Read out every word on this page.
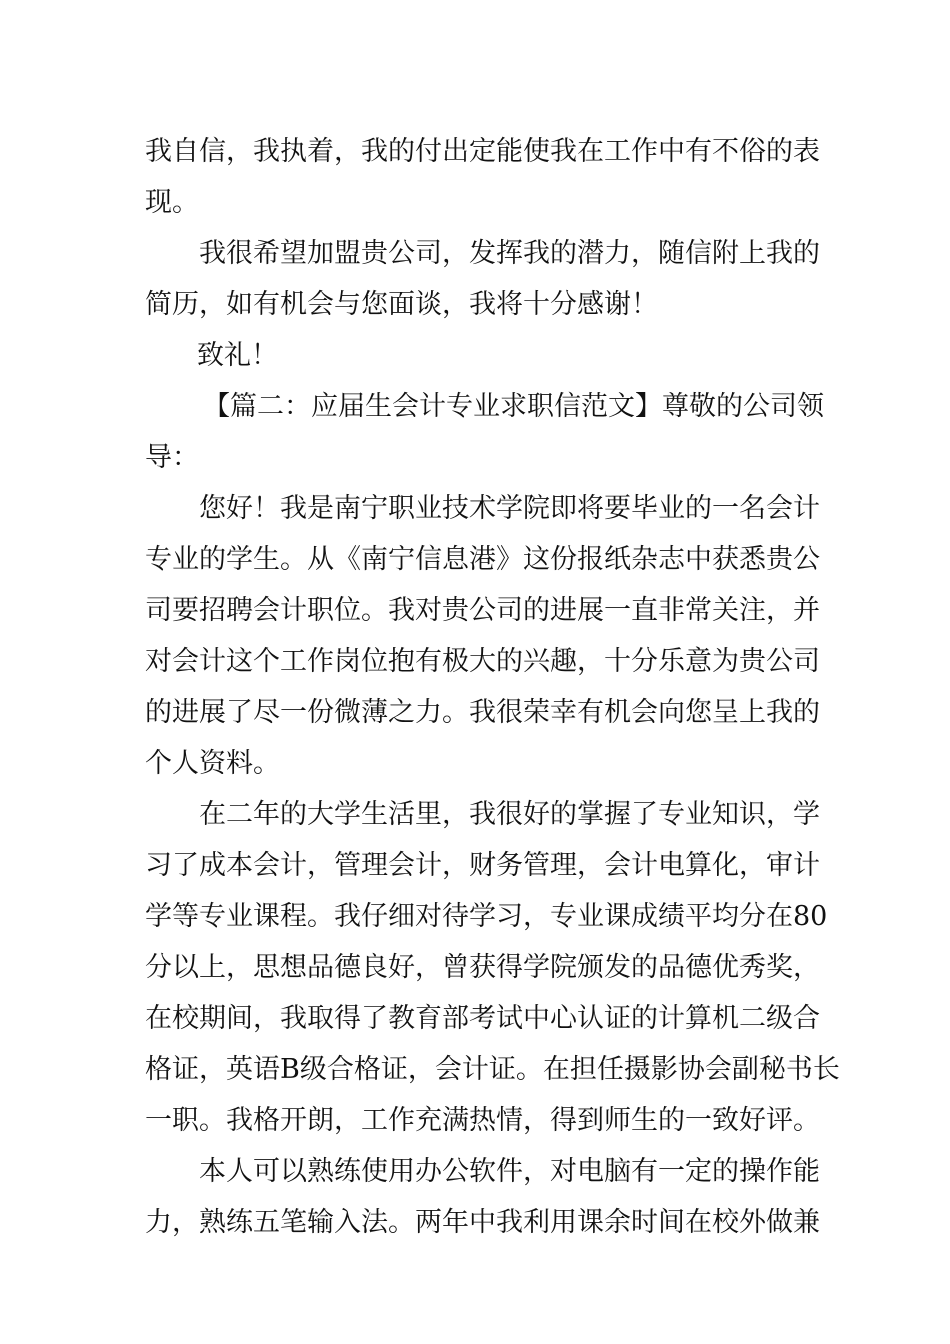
我自信，我执着，我的付出定能使我在工作中有不俗的表
现。
我很希望加盟贵公司，发挥我的潜力，随信附上我的
简历，如有机会与您面谈，我将十分感谢！
致礼！
【篇二：应届生会计专业求职信范文】尊敬的公司领
导：
您好！我是南宁职业技术学院即将要毕业的一名会计
专业的学生。从《南宁信息港》这份报纸杂志中获悉贵公
司要招聘会计职位。我对贵公司的进展一直非常关注，并
对会计这个工作岗位抱有极大的兴趣，十分乐意为贵公司
的进展了尽一份微薄之力。我很荣幸有机会向您呈上我的
个人资料。
在二年的大学生活里，我很好的掌握了专业知识，学
习了成本会计，管理会计，财务管理，会计电算化，审计
学等专业课程。我仔细对待学习，专业课成绩平均分在80
分以上，思想品德良好，曾获得学院颁发的品德优秀奖，
在校期间，我取得了教育部考试中心认证的计算机二级合
格证，英语B级合格证，会计证。在担任摄影协会副秘书长
一职。我格开朗，工作充满热情，得到师生的一致好评。
本人可以熟练使用办公软件，对电脑有一定的操作能
力，熟练五笔输入法。两年中我利用课余时间在校外做兼
